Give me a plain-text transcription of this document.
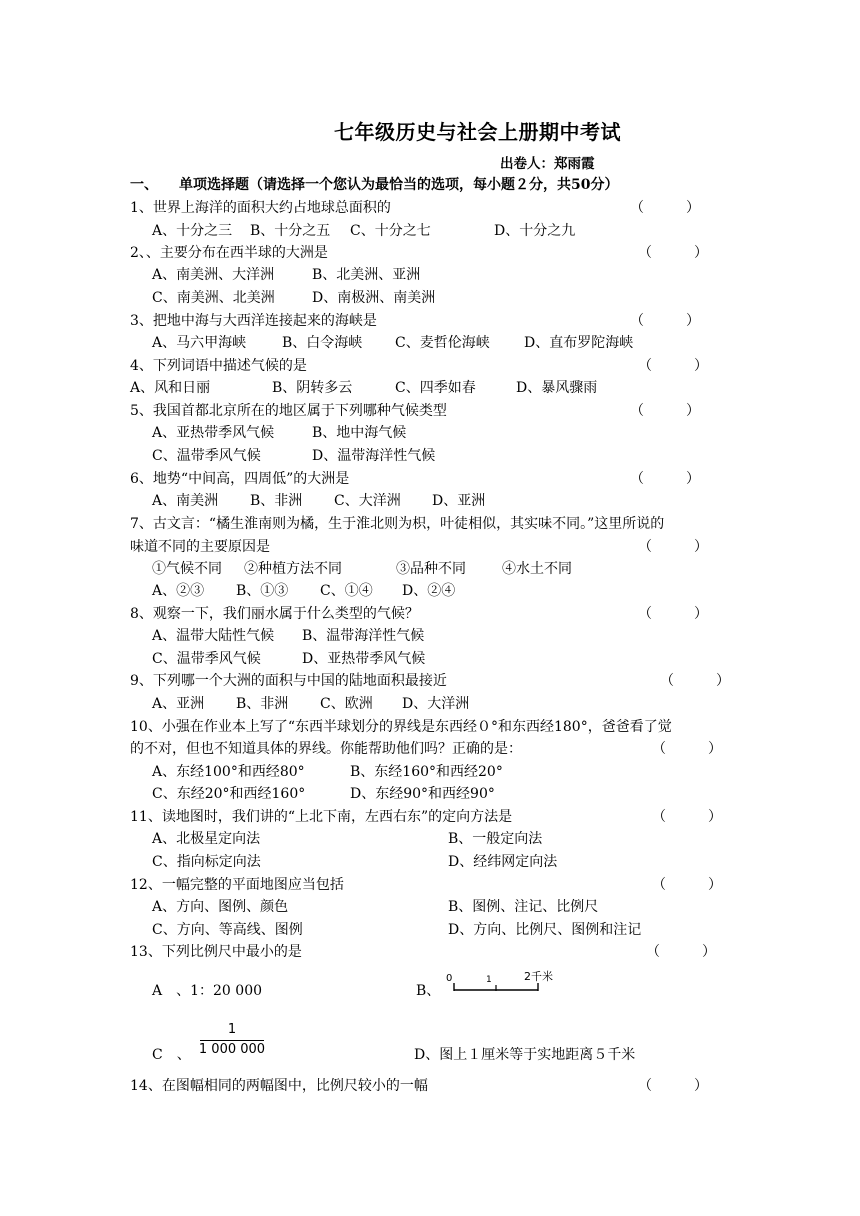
七年级历史与社会上册期中考试
出卷人：郑雨霞
一、　　单项选择题（请选择一个您认为最恰当的选项，每小题２分，共50分）
1、世界上海洋的面积大约占地球总面积的	（　　　）
A、十分之三 B、十分之五 C、十分之七	D、十分之九
2、、主要分布在西半球的大洲是	（　　　）
A、南美洲、大洋洲	B、北美洲、亚洲
C、南美洲、北美洲	D、南极洲、南美洲
3、把地中海与大西洋连接起来的海峡是	（　　　）
A、马六甲海峡	B、白令海峡 C、麦哲伦海峡 D、直布罗陀海峡
4、下列词语中描述气候的是	（　　　）
A、风和日丽	B、阴转多云	C、四季如春	D、暴风骤雨
5、我国首都北京所在的地区属于下列哪种气候类型	（　　　）
A、亚热带季风气候	B、地中海气候
C、温带季风气候	D、温带海洋性气候
6、地势“中间高，四周低”的大洲是	（　　　）
A、南美洲 B、非洲 C、大洋洲 D、亚洲
7、古文言：“橘生淮南则为橘，生于淮北则为枳，叶徒相似，其实味不同。”这里所说的
味道不同的主要原因是	（　　　）
①气候不同 ②种植方法不同	③品种不同	④水土不同
A、②③ B、①③ C、①④ D、②④
8、观察一下，我们丽水属于什么类型的气候？	（　　　）
A、温带大陆性气候 B、温带海洋性气候
C、温带季风气候	D、亚热带季风气候
9、下列哪一个大洲的面积与中国的陆地面积最接近	（　　　）
A、亚洲 B、非洲 C、欧洲 D、大洋洲
10、小强在作业本上写了“东西半球划分的界线是东西经０°和东西经180°，爸爸看了觉
的不对，但也不知道具体的界线。你能帮助他们吗？正确的是：	（　　　）
A、东经100°和西经80°	B、东经160°和西经20°
C、东经20°和西经160°	D、东经90°和西经90°
11、读地图时，我们讲的“上北下南，左西右东”的定向方法是	（　　　）
A、北极星定向法	B、一般定向法
C、指向标定向法	D、经纬网定向法
12、一幅完整的平面地图应当包括	（　　　）
A、方向、图例、颜色	B、图例、注记、比例尺
C、方向、等高线、图例	D、方向、比例尺、图例和注记
13、下列比例尺中最小的是	（　　　）
A　、1：20 000	B、
0	1	2千米
C　、
1
1 000 000	D、图上１厘米等于实地距离５千米
14、在图幅相同的两幅图中，比例尺较小的一幅	（　　　）
